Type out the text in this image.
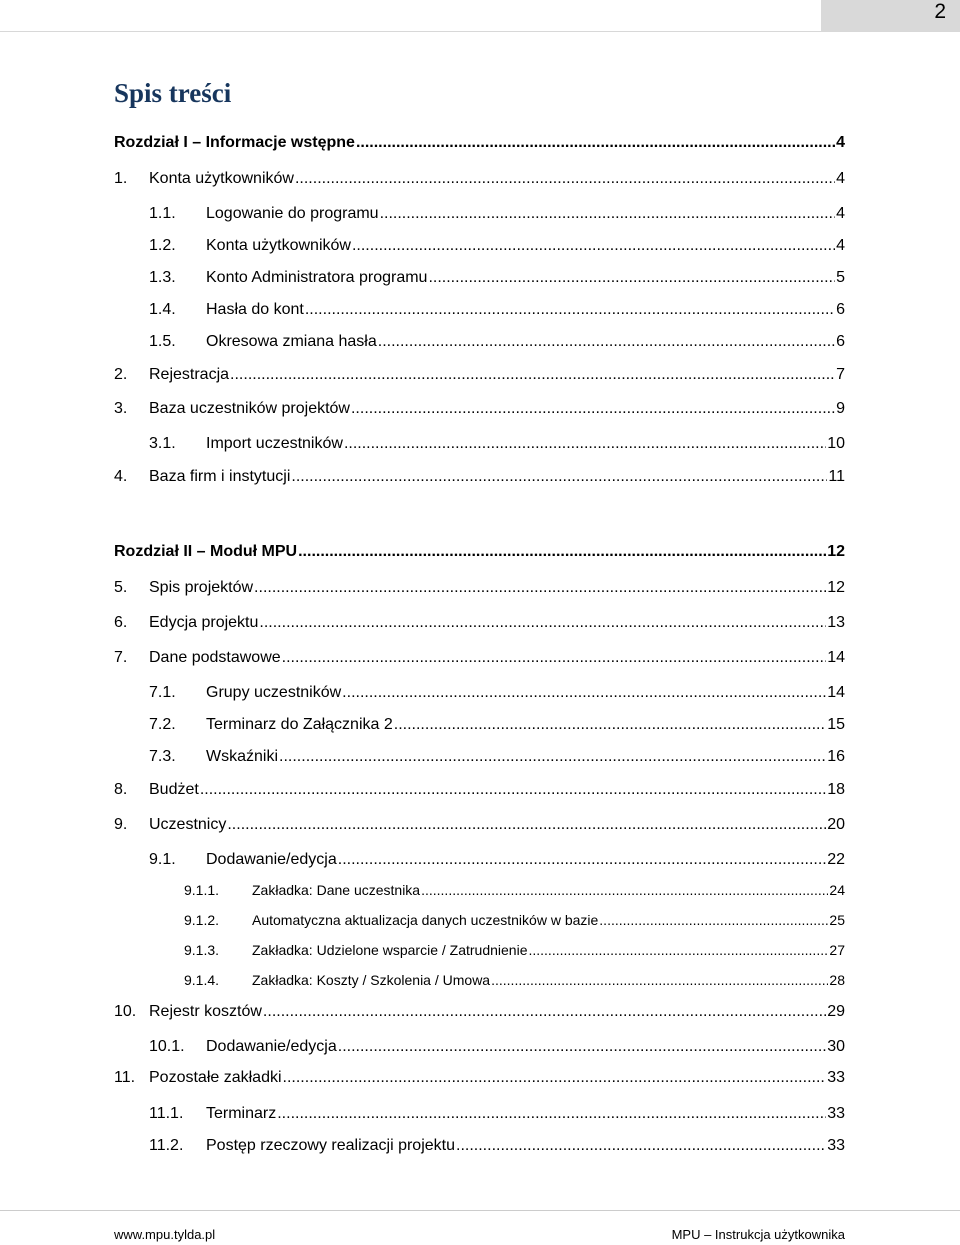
2
Spis treści
Rozdział I – Informacje wstępne .....	4
1.	Konta użytkowników .....	4
1.1.	Logowanie do programu .....	4
1.2.	Konta użytkowników .....	4
1.3.	Konto Administratora programu .....	5
1.4.	Hasła do kont .....	6
1.5.	Okresowa zmiana hasła .....	6
2.	Rejestracja .....	7
3.	Baza uczestników projektów .....	9
3.1.	Import uczestników .....	10
4.	Baza firm i instytucji .....	11
Rozdział II – Moduł MPU .....	12
5.	Spis projektów .....	12
6.	Edycja projektu .....	13
7.	Dane podstawowe .....	14
7.1.	Grupy uczestników .....	14
7.2.	Terminarz do Załącznika 2 .....	15
7.3.	Wskaźniki .....	16
8.	Budżet .....	18
9.	Uczestnicy .....	20
9.1.	Dodawanie/edycja .....	22
9.1.1.	Zakładka: Dane uczestnika .....	24
9.1.2.	Automatyczna aktualizacja danych uczestników w bazie .....	25
9.1.3.	Zakładka: Udzielone wsparcie / Zatrudnienie .....	27
9.1.4.	Zakładka: Koszty / Szkolenia / Umowa .....	28
10. Rejestr kosztów .....	29
10.1.	Dodawanie/edycja .....	30
11. Pozostałe zakładki .....	33
11.1.	Terminarz .....	33
11.2.	Postęp rzeczowy realizacji projektu .....	33
www.mpu.tylda.pl	MPU – Instrukcja użytkownika
